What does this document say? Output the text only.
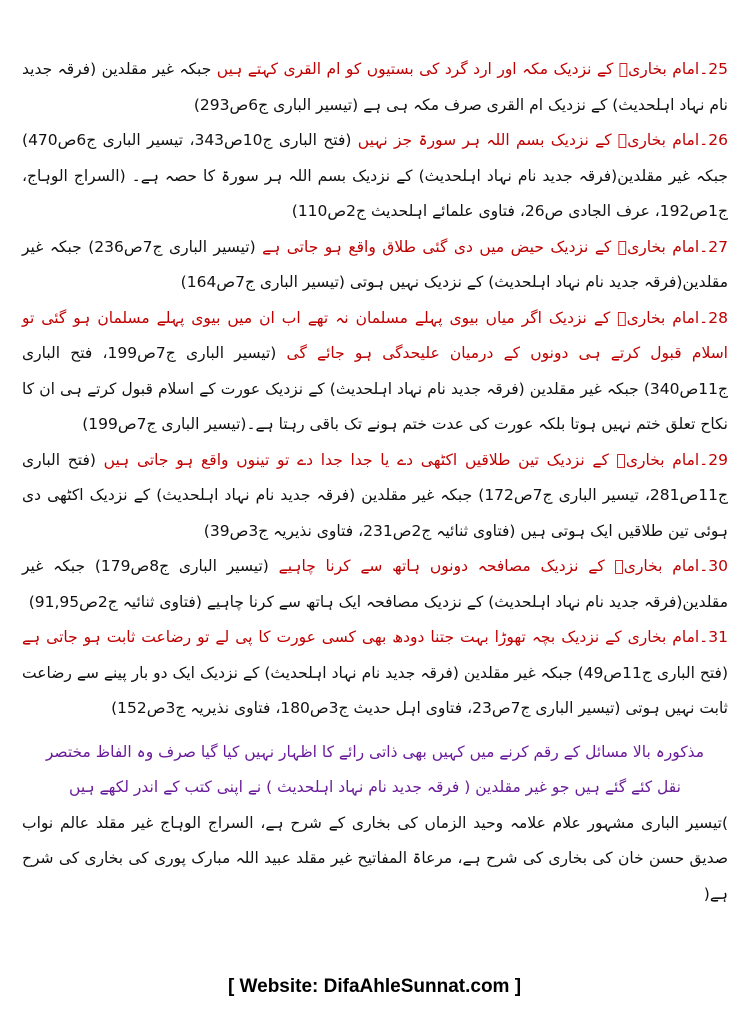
25۔امام بخاریؒ کے نزدیک مکہ اور ارد گرد کی بستیوں کو ام القری کہتے ہیں جبکہ غیر مقلدین (فرقہ جدید نام نہاد اہلحدیث) کے نزدیک ام القری صرف مکہ ہی ہے (تیسیر الباری ج6ص293)

26۔امام بخاریؒ کے نزدیک بسم اللہ ہر سورۃ جز نہیں (فتح الباری ج10ص343، تیسیر الباری ج6ص470) جبکہ غیر مقلدین(فرقہ جدید نام نہاد اہلحدیث) کے نزدیک بسم اللہ ہر سورۃ کا حصہ ہے۔ (السراج الوہاج، ج1ص192، عرف الجادی ص26، فتاوی علمائے اہلحدیث ج2ص110)

27۔امام بخاریؒ کے نزدیک حیض میں دی گئی طلاق واقع ہو جاتی ہے (تیسیر الباری ج7ص236) جبکہ غیر مقلدین(فرقہ جدید نام نہاد اہلحدیث) کے نزدیک نہیں ہوتی (تیسیر الباری ج7ص164)

28۔امام بخاریؒ کے نزدیک اگر میاں بیوی پہلے مسلمان نہ تھے اب ان میں بیوی پہلے مسلمان ہو گئی تو اسلام قبول کرتے ہی دونوں کے درمیان علیحدگی ہو جائے گی (تیسیر الباری ج7ص199، فتح الباری ج11ص340) جبکہ غیر مقلدین (فرقہ جدید نام نہاد اہلحدیث) کے نزدیک عورت کے اسلام قبول کرتے ہی ان کا نکاح تعلق ختم نہیں ہوتا بلکہ عورت کی عدت ختم ہونے تک باقی رہتا ہے۔(تیسیر الباری ج7ص199)

29۔امام بخاریؒ کے نزدیک تین طلاقیں اکٹھی دے یا جدا جدا دے تو تینوں واقع ہو جاتی ہیں (فتح الباری ج11ص281، تیسیر الباری ج7ص172) جبکہ غیر مقلدین (فرقہ جدید نام نہاد اہلحدیث) کے نزدیک اکٹھی دی ہوئی تین طلاقیں ایک ہوتی ہیں (فتاوی ثنائیہ ج2ص231، فتاوی نذیریہ ج3ص39)

30۔امام بخاریؒ کے نزدیک مصافحہ دونوں ہاتھ سے کرنا چاہیے (تیسیر الباری ج8ص179) جبکہ غیر مقلدین(فرقہ جدید نام نہاد اہلحدیث) کے نزدیک مصافحہ ایک ہاتھ سے کرنا چاہیے (فتاوی ثنائیہ ج2ص91,95)

31۔امام بخاری کے نزدیک بچہ تھوڑا بہت جتنا دودھ بھی کسی عورت کا پی لے تو رضاعت ثابت ہو جاتی ہے (فتح الباری ج11ص49) جبکہ غیر مقلدین (فرقہ جدید نام نہاد اہلحدیث) کے نزدیک ایک دو بار پینے سے رضاعت ثابت نہیں ہوتی (تیسیر الباری ج7ص23، فتاوی اہل حدیث ج3ص180، فتاوی نذیریہ ج3ص152)

مذکورہ بالا مسائل کے رقم کرنے میں کہیں بھی ذاتی رائے کا اظہار نہیں کیا گیا صرف وہ الفاظ مختصر
نقل کئے گئے ہیں جو غیر مقلدین ( فرقہ جدید نام نہاد اہلحدیث ) نے اپنی کتب کے اندر لکھے ہیں

)تیسیر الباری مشہور علام علامہ وحید الزماں کی بخاری کے شرح ہے، السراج الوہاج غیر مقلد عالم نواب صدیق حسن خان کی بخاری کی شرح ہے، مرعاۃ المفاتیح غیر مقلد عبید اللہ مبارک پوری کی بخاری کی شرح ہے(

[ Website: DifaAhleSunnat.com ]
